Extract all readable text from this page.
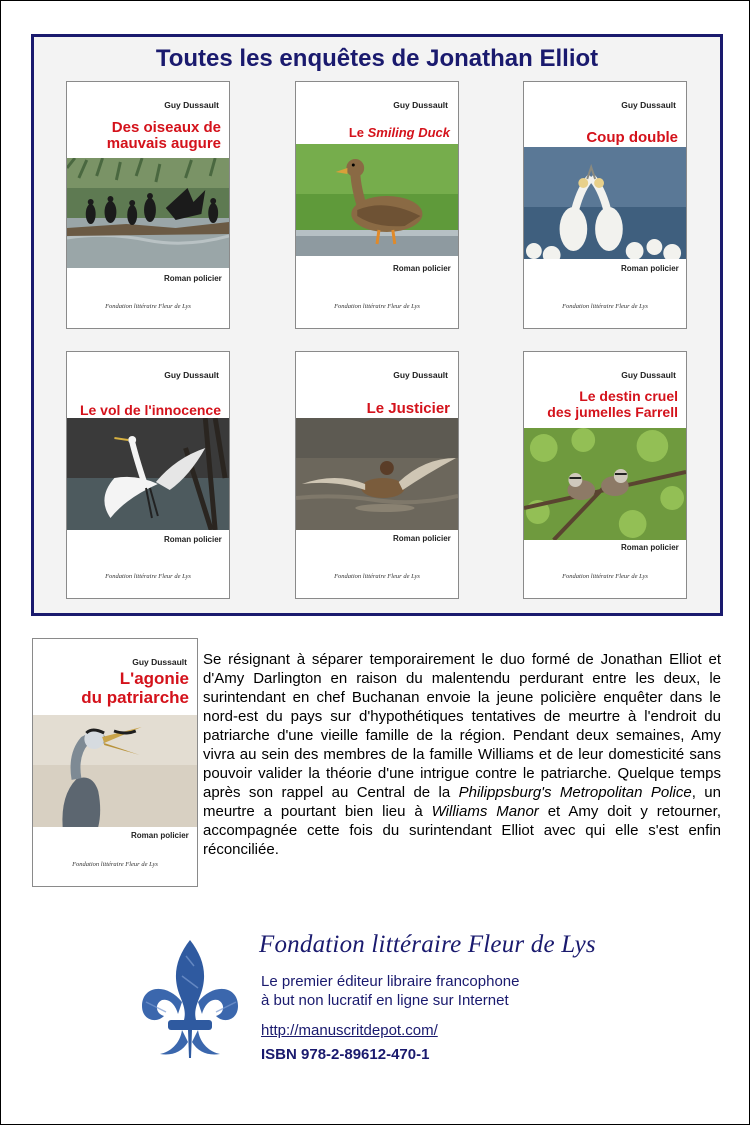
Toutes les enquêtes de Jonathan Elliot
Guy Dussault
Des oiseaux de
mauvais augure
Roman policier
Fondation littéraire Fleur de Lys
Guy Dussault
Le Smiling Duck
Roman policier
Fondation littéraire Fleur de Lys
Guy Dussault
Coup double
Roman policier
Fondation littéraire Fleur de Lys
Guy Dussault
Le vol de l'innocence
Roman policier
Fondation littéraire Fleur de Lys
Guy Dussault
Le Justicier
Roman policier
Fondation littéraire Fleur de Lys
Guy Dussault
Le destin cruel
des jumelles Farrell
Roman policier
Fondation littéraire Fleur de Lys
Guy Dussault
L'agonie
du patriarche
Roman policier
Fondation littéraire Fleur de Lys
Se résignant à séparer temporairement le duo formé de Jonathan Elliot et d'Amy Darlington en raison du malentendu perdurant entre les deux, le surintendant en chef Buchanan envoie la jeune policière enquêter dans le nord-est du pays sur d'hypothétiques tentatives de meurtre à l'endroit du patriarche d'une vieille famille de la région. Pendant deux semaines, Amy vivra au sein des membres de la famille Williams et de leur domesticité sans pouvoir valider la théorie d'une intrigue contre le patriarche. Quelque temps après son rappel au Central de la Philippsburg's Metropolitan Police, un meurtre a pourtant bien lieu à Williams Manor et Amy doit y retourner, accompagnée cette fois du surintendant Elliot avec qui elle s'est enfin réconciliée.
Fondation littéraire Fleur de Lys
Le premier éditeur libraire francophone
à but non lucratif en ligne sur Internet
http://manuscritdepot.com/
ISBN 978-2-89612-470-1
